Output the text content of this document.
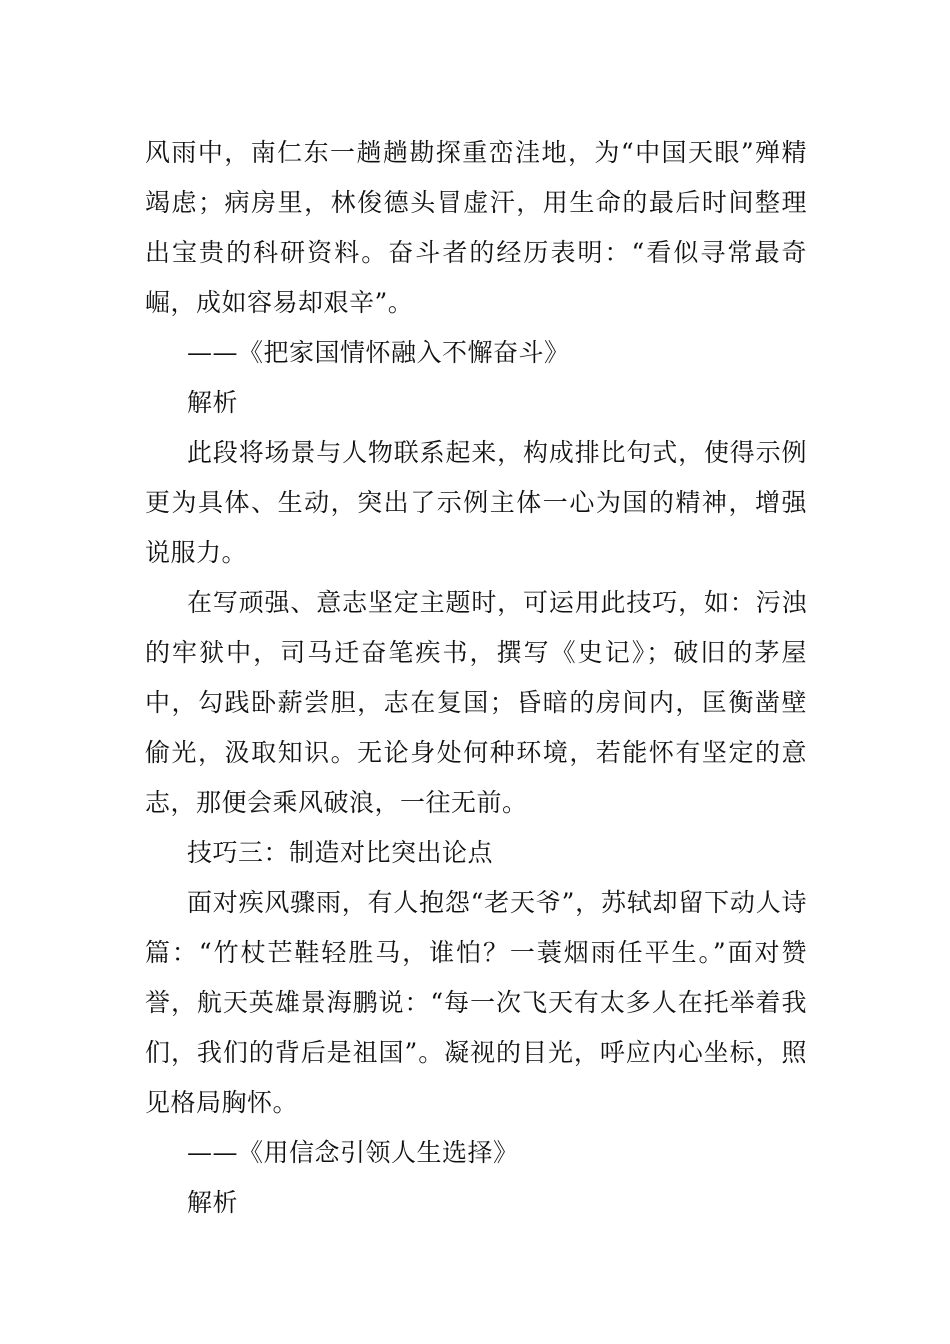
风雨中，南仁东一趟趟勘探重峦洼地，为“中国天眼”殚精竭虑；病房里，林俊德头冒虚汗，用生命的最后时间整理出宝贵的科研资料。奋斗者的经历表明：“看似寻常最奇崛，成如容易却艰辛”。

——《把家国情怀融入不懈奋斗》

解析

此段将场景与人物联系起来，构成排比句式，使得示例更为具体、生动，突出了示例主体一心为国的精神，增强说服力。

在写顽强、意志坚定主题时，可运用此技巧，如：污浊的牢狱中，司马迁奋笔疾书，撰写《史记》；破旧的茅屋中，勾践卧薪尝胆，志在复国；昏暗的房间内，匡衡凿壁偷光，汲取知识。无论身处何种环境，若能怀有坚定的意志，那便会乘风破浪，一往无前。

技巧三：制造对比突出论点

面对疾风骤雨，有人抱怨“老天爷”，苏轼却留下动人诗篇：“竹杖芒鞋轻胜马，谁怕？一蓑烟雨任平生。”面对赞誉，航天英雄景海鹏说：“每一次飞天有太多人在托举着我们，我们的背后是祖国”。凝视的目光，呼应内心坐标，照见格局胸怀。

——《用信念引领人生选择》

解析
